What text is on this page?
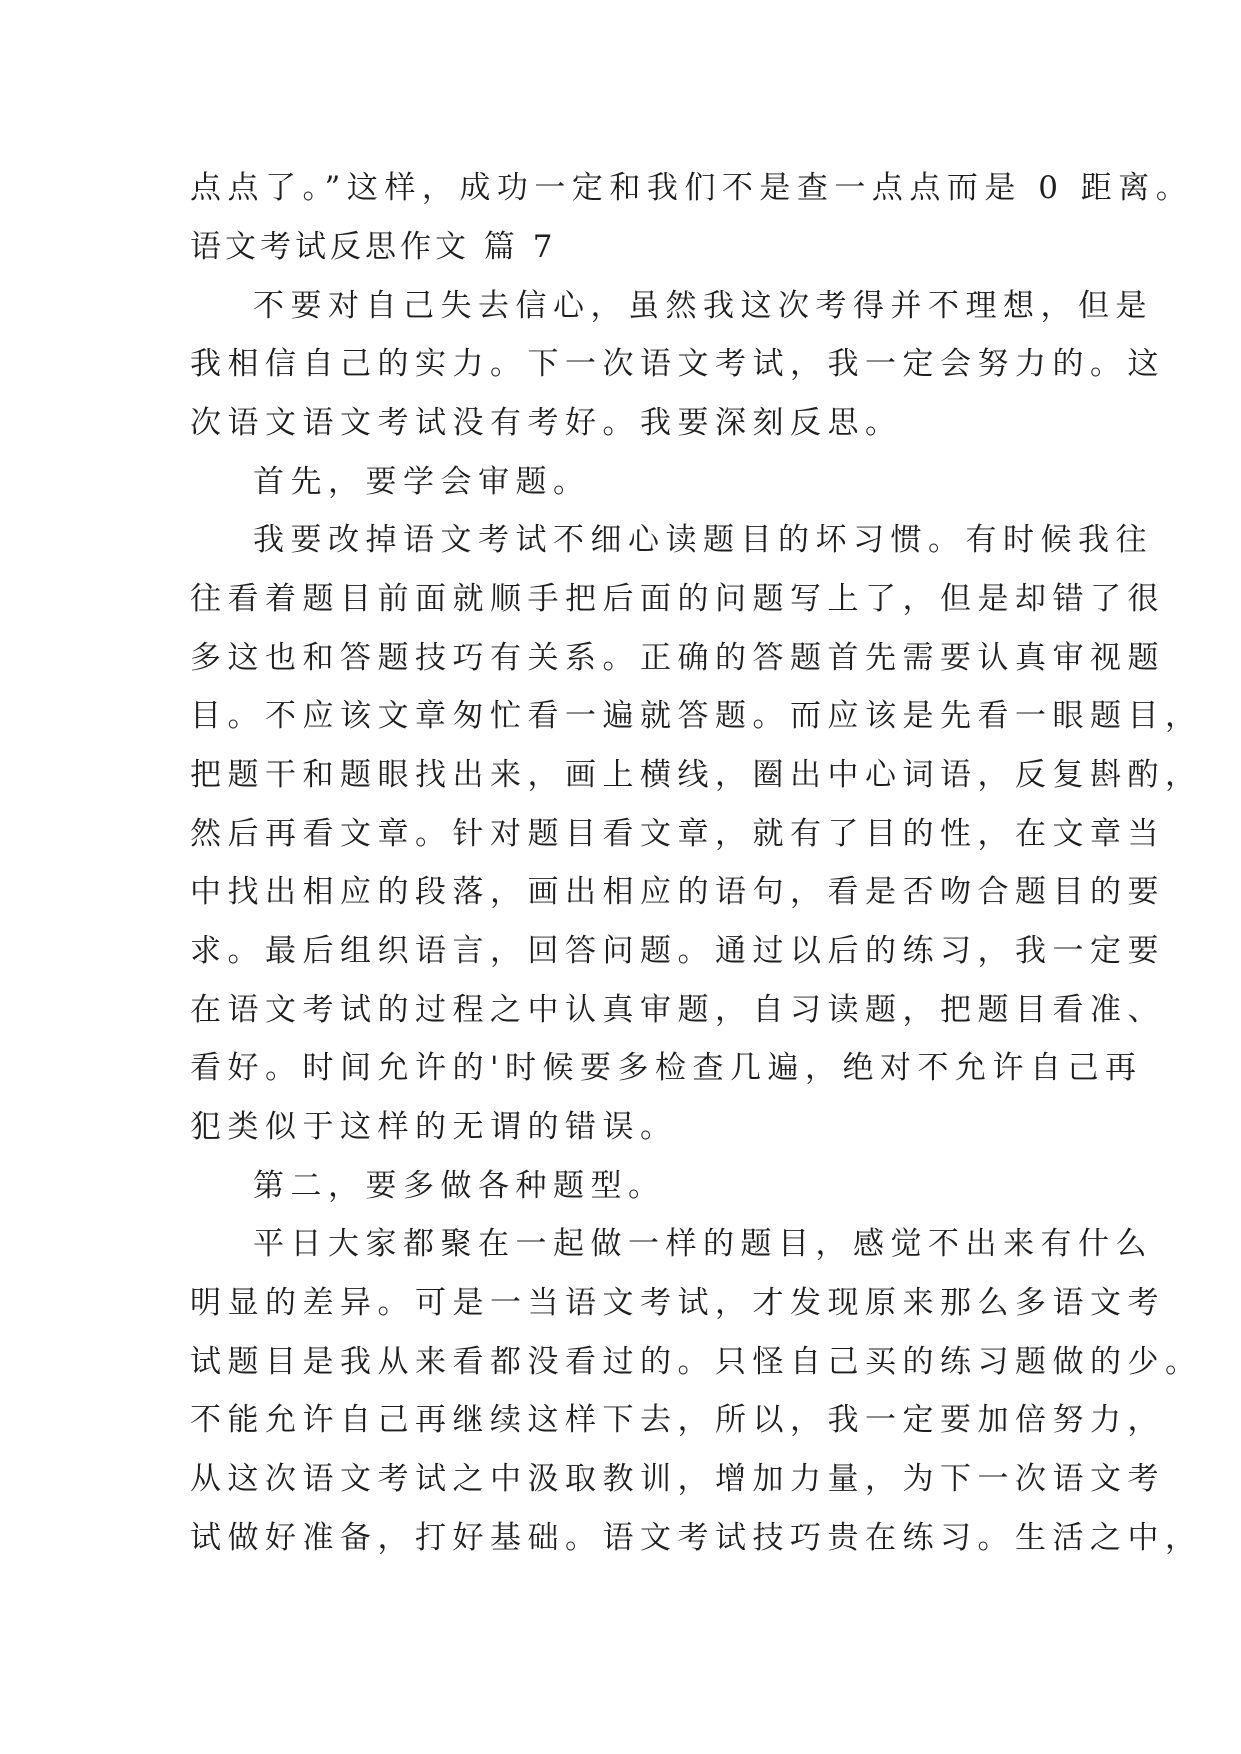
点点了。”这样，成功一定和我们不是查一点点而是 0 距离。
语文考试反思作文 篇 7
不要对自己失去信心，虽然我这次考得并不理想，但是
我相信自己的实力。下一次语文考试，我一定会努力的。这
次语文语文考试没有考好。我要深刻反思。
首先，要学会审题。
我要改掉语文考试不细心读题目的坏习惯。有时候我往
往看着题目前面就顺手把后面的问题写上了，但是却错了很
多这也和答题技巧有关系。正确的答题首先需要认真审视题
目。不应该文章匆忙看一遍就答题。而应该是先看一眼题目，
把题干和题眼找出来，画上横线，圈出中心词语，反复斟酌，
然后再看文章。针对题目看文章，就有了目的性，在文章当
中找出相应的段落，画出相应的语句，看是否吻合题目的要
求。最后组织语言，回答问题。通过以后的练习，我一定要
在语文考试的过程之中认真审题，自习读题，把题目看准、
看好。时间允许的'时候要多检查几遍，绝对不允许自己再
犯类似于这样的无谓的错误。
第二，要多做各种题型。
平日大家都聚在一起做一样的题目，感觉不出来有什么
明显的差异。可是一当语文考试，才发现原来那么多语文考
试题目是我从来看都没看过的。只怪自己买的练习题做的少。
不能允许自己再继续这样下去，所以，我一定要加倍努力，
从这次语文考试之中汲取教训，增加力量，为下一次语文考
试做好准备，打好基础。语文考试技巧贵在练习。生活之中，
